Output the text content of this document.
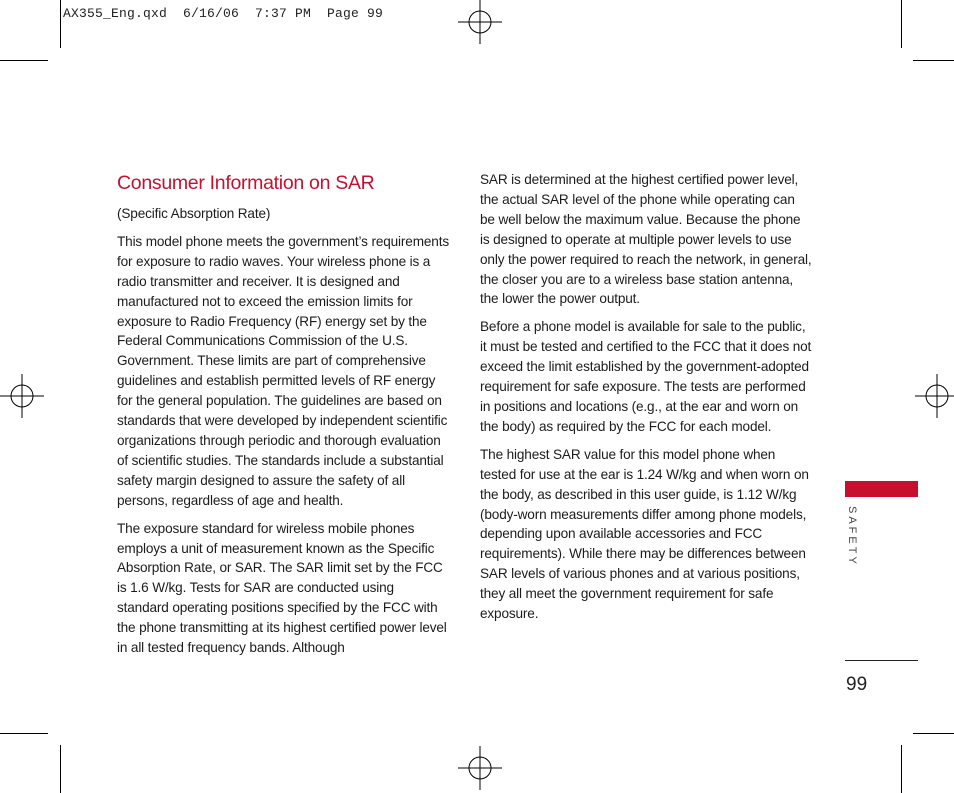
AX355_Eng.qxd  6/16/06  7:37 PM  Page 99
Consumer Information on SAR

(Specific Absorption Rate)

This model phone meets the government’s requirements for exposure to radio waves. Your wireless phone is a radio transmitter and receiver. It is designed and manufactured not to exceed the emission limits for exposure to Radio Frequency (RF) energy set by the Federal Communications Commission of the U.S. Government. These limits are part of comprehensive guidelines and establish permitted levels of RF energy for the general population. The guidelines are based on standards that were developed by independent scientific organizations through periodic and thorough evaluation of scientific studies. The standards include a substantial safety margin designed to assure the safety of all persons, regardless of age and health.

The exposure standard for wireless mobile phones employs a unit of measurement known as the Specific Absorption Rate, or SAR. The SAR limit set by the FCC is 1.6 W/kg. Tests for SAR are conducted using standard operating positions specified by the FCC with the phone transmitting at its highest certified power level in all tested frequency bands. Although

SAR is determined at the highest certified power level, the actual SAR level of the phone while operating can be well below the maximum value. Because the phone is designed to operate at multiple power levels to use only the power required to reach the network, in general, the closer you are to a wireless base station antenna, the lower the power output.

Before a phone model is available for sale to the public, it must be tested and certified to the FCC that it does not exceed the limit established by the government-adopted requirement for safe exposure. The tests are performed in positions and locations (e.g., at the ear and worn on the body) as required by the FCC for each model.

The highest SAR value for this model phone when tested for use at the ear is 1.24 W/kg and when worn on the body, as described in this user guide, is 1.12 W/kg (body-worn measurements differ among phone models, depending upon available accessories and FCC requirements). While there may be differences between SAR levels of various phones and at various positions, they all meet the government requirement for safe exposure.

SAFETY
99
